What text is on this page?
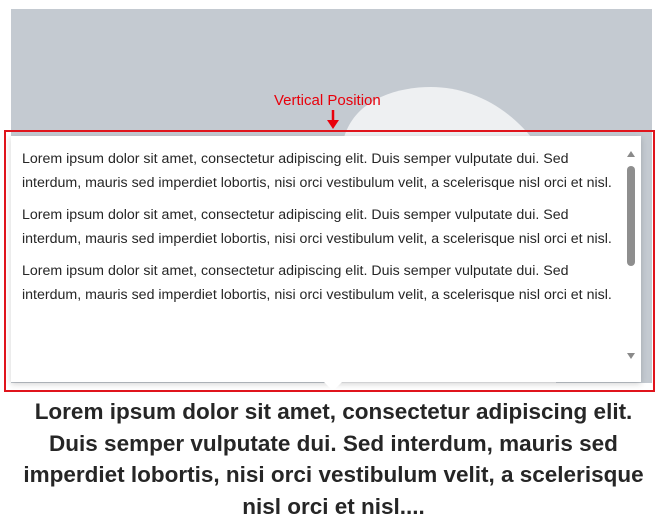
Vertical Position

Lorem ipsum dolor sit amet, consectetur adipiscing elit. Duis semper vulputate dui. Sed interdum, mauris sed imperdiet lobortis, nisi orci vestibulum velit, a scelerisque nisl orci et nisl.

Lorem ipsum dolor sit amet, consectetur adipiscing elit. Duis semper vulputate dui. Sed interdum, mauris sed imperdiet lobortis, nisi orci vestibulum velit, a scelerisque nisl orci et nisl.

Lorem ipsum dolor sit amet, consectetur adipiscing elit. Duis semper vulputate dui. Sed interdum, mauris sed imperdiet lobortis, nisi orci vestibulum velit, a scelerisque nisl orci et nisl.

Lorem ipsum dolor sit amet, consectetur adipiscing elit. Duis semper vulputate dui. Sed interdum, mauris sed imperdiet lobortis, nisi orci vestibulum velit, a scelerisque nisl orci et nisl....
